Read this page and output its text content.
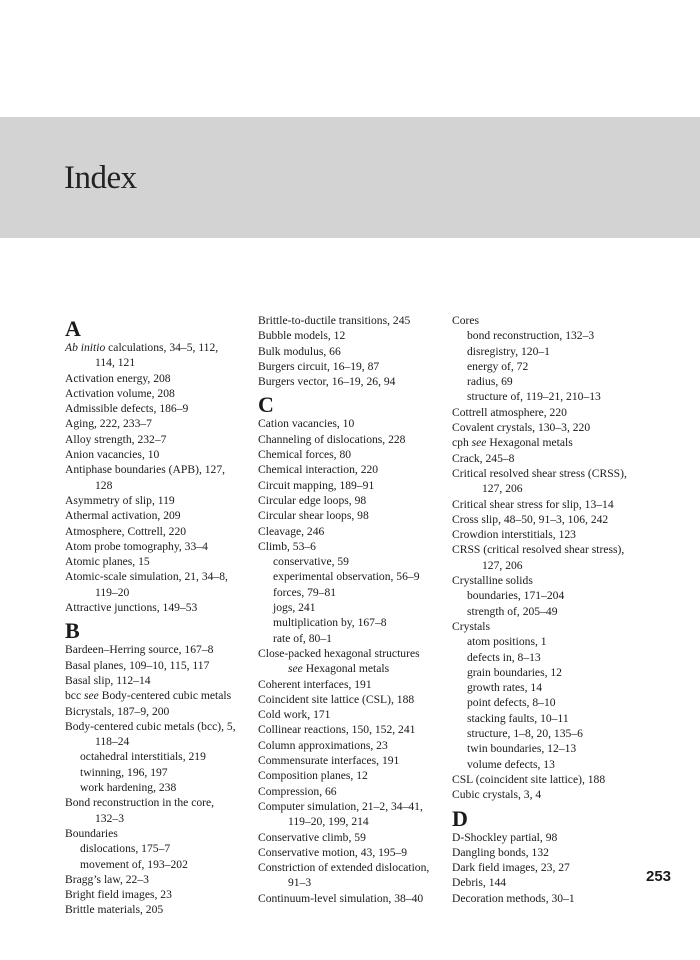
Index
A
Ab initio calculations, 34–5, 112,
114, 121
Activation energy, 208
Activation volume, 208
Admissible defects, 186–9
Aging, 222, 233–7
Alloy strength, 232–7
Anion vacancies, 10
Antiphase boundaries (APB), 127,
128
Asymmetry of slip, 119
Athermal activation, 209
Atmosphere, Cottrell, 220
Atom probe tomography, 33–4
Atomic planes, 15
Atomic-scale simulation, 21, 34–8,
119–20
Attractive junctions, 149–53
B
Bardeen–Herring source, 167–8
Basal planes, 109–10, 115, 117
Basal slip, 112–14
bcc see Body-centered cubic metals
Bicrystals, 187–9, 200
Body-centered cubic metals (bcc), 5,
118–24
octahedral interstitials, 219
twinning, 196, 197
work hardening, 238
Bond reconstruction in the core,
132–3
Boundaries
dislocations, 175–7
movement of, 193–202
Bragg’s law, 22–3
Bright field images, 23
Brittle materials, 205
Brittle-to-ductile transitions, 245
Bubble models, 12
Bulk modulus, 66
Burgers circuit, 16–19, 87
Burgers vector, 16–19, 26, 94
C
Cation vacancies, 10
Channeling of dislocations, 228
Chemical forces, 80
Chemical interaction, 220
Circuit mapping, 189–91
Circular edge loops, 98
Circular shear loops, 98
Cleavage, 246
Climb, 53–6
conservative, 59
experimental observation, 56–9
forces, 79–81
jogs, 241
multiplication by, 167–8
rate of, 80–1
Close-packed hexagonal structures
see Hexagonal metals
Coherent interfaces, 191
Coincident site lattice (CSL), 188
Cold work, 171
Collinear reactions, 150, 152, 241
Column approximations, 23
Commensurate interfaces, 191
Composition planes, 12
Compression, 66
Computer simulation, 21–2, 34–41,
119–20, 199, 214
Conservative climb, 59
Conservative motion, 43, 195–9
Constriction of extended dislocation,
91–3
Continuum-level simulation, 38–40
Cores
bond reconstruction, 132–3
disregistry, 120–1
energy of, 72
radius, 69
structure of, 119–21, 210–13
Cottrell atmosphere, 220
Covalent crystals, 130–3, 220
cph see Hexagonal metals
Crack, 245–8
Critical resolved shear stress (CRSS),
127, 206
Critical shear stress for slip, 13–14
Cross slip, 48–50, 91–3, 106, 242
Crowdion interstitials, 123
CRSS (critical resolved shear stress),
127, 206
Crystalline solids
boundaries, 171–204
strength of, 205–49
Crystals
atom positions, 1
defects in, 8–13
grain boundaries, 12
growth rates, 14
point defects, 8–10
stacking faults, 10–11
structure, 1–8, 20, 135–6
twin boundaries, 12–13
volume defects, 13
CSL (coincident site lattice), 188
Cubic crystals, 3, 4
D
D-Shockley partial, 98
Dangling bonds, 132
Dark field images, 23, 27
Debris, 144
Decoration methods, 30–1
253
